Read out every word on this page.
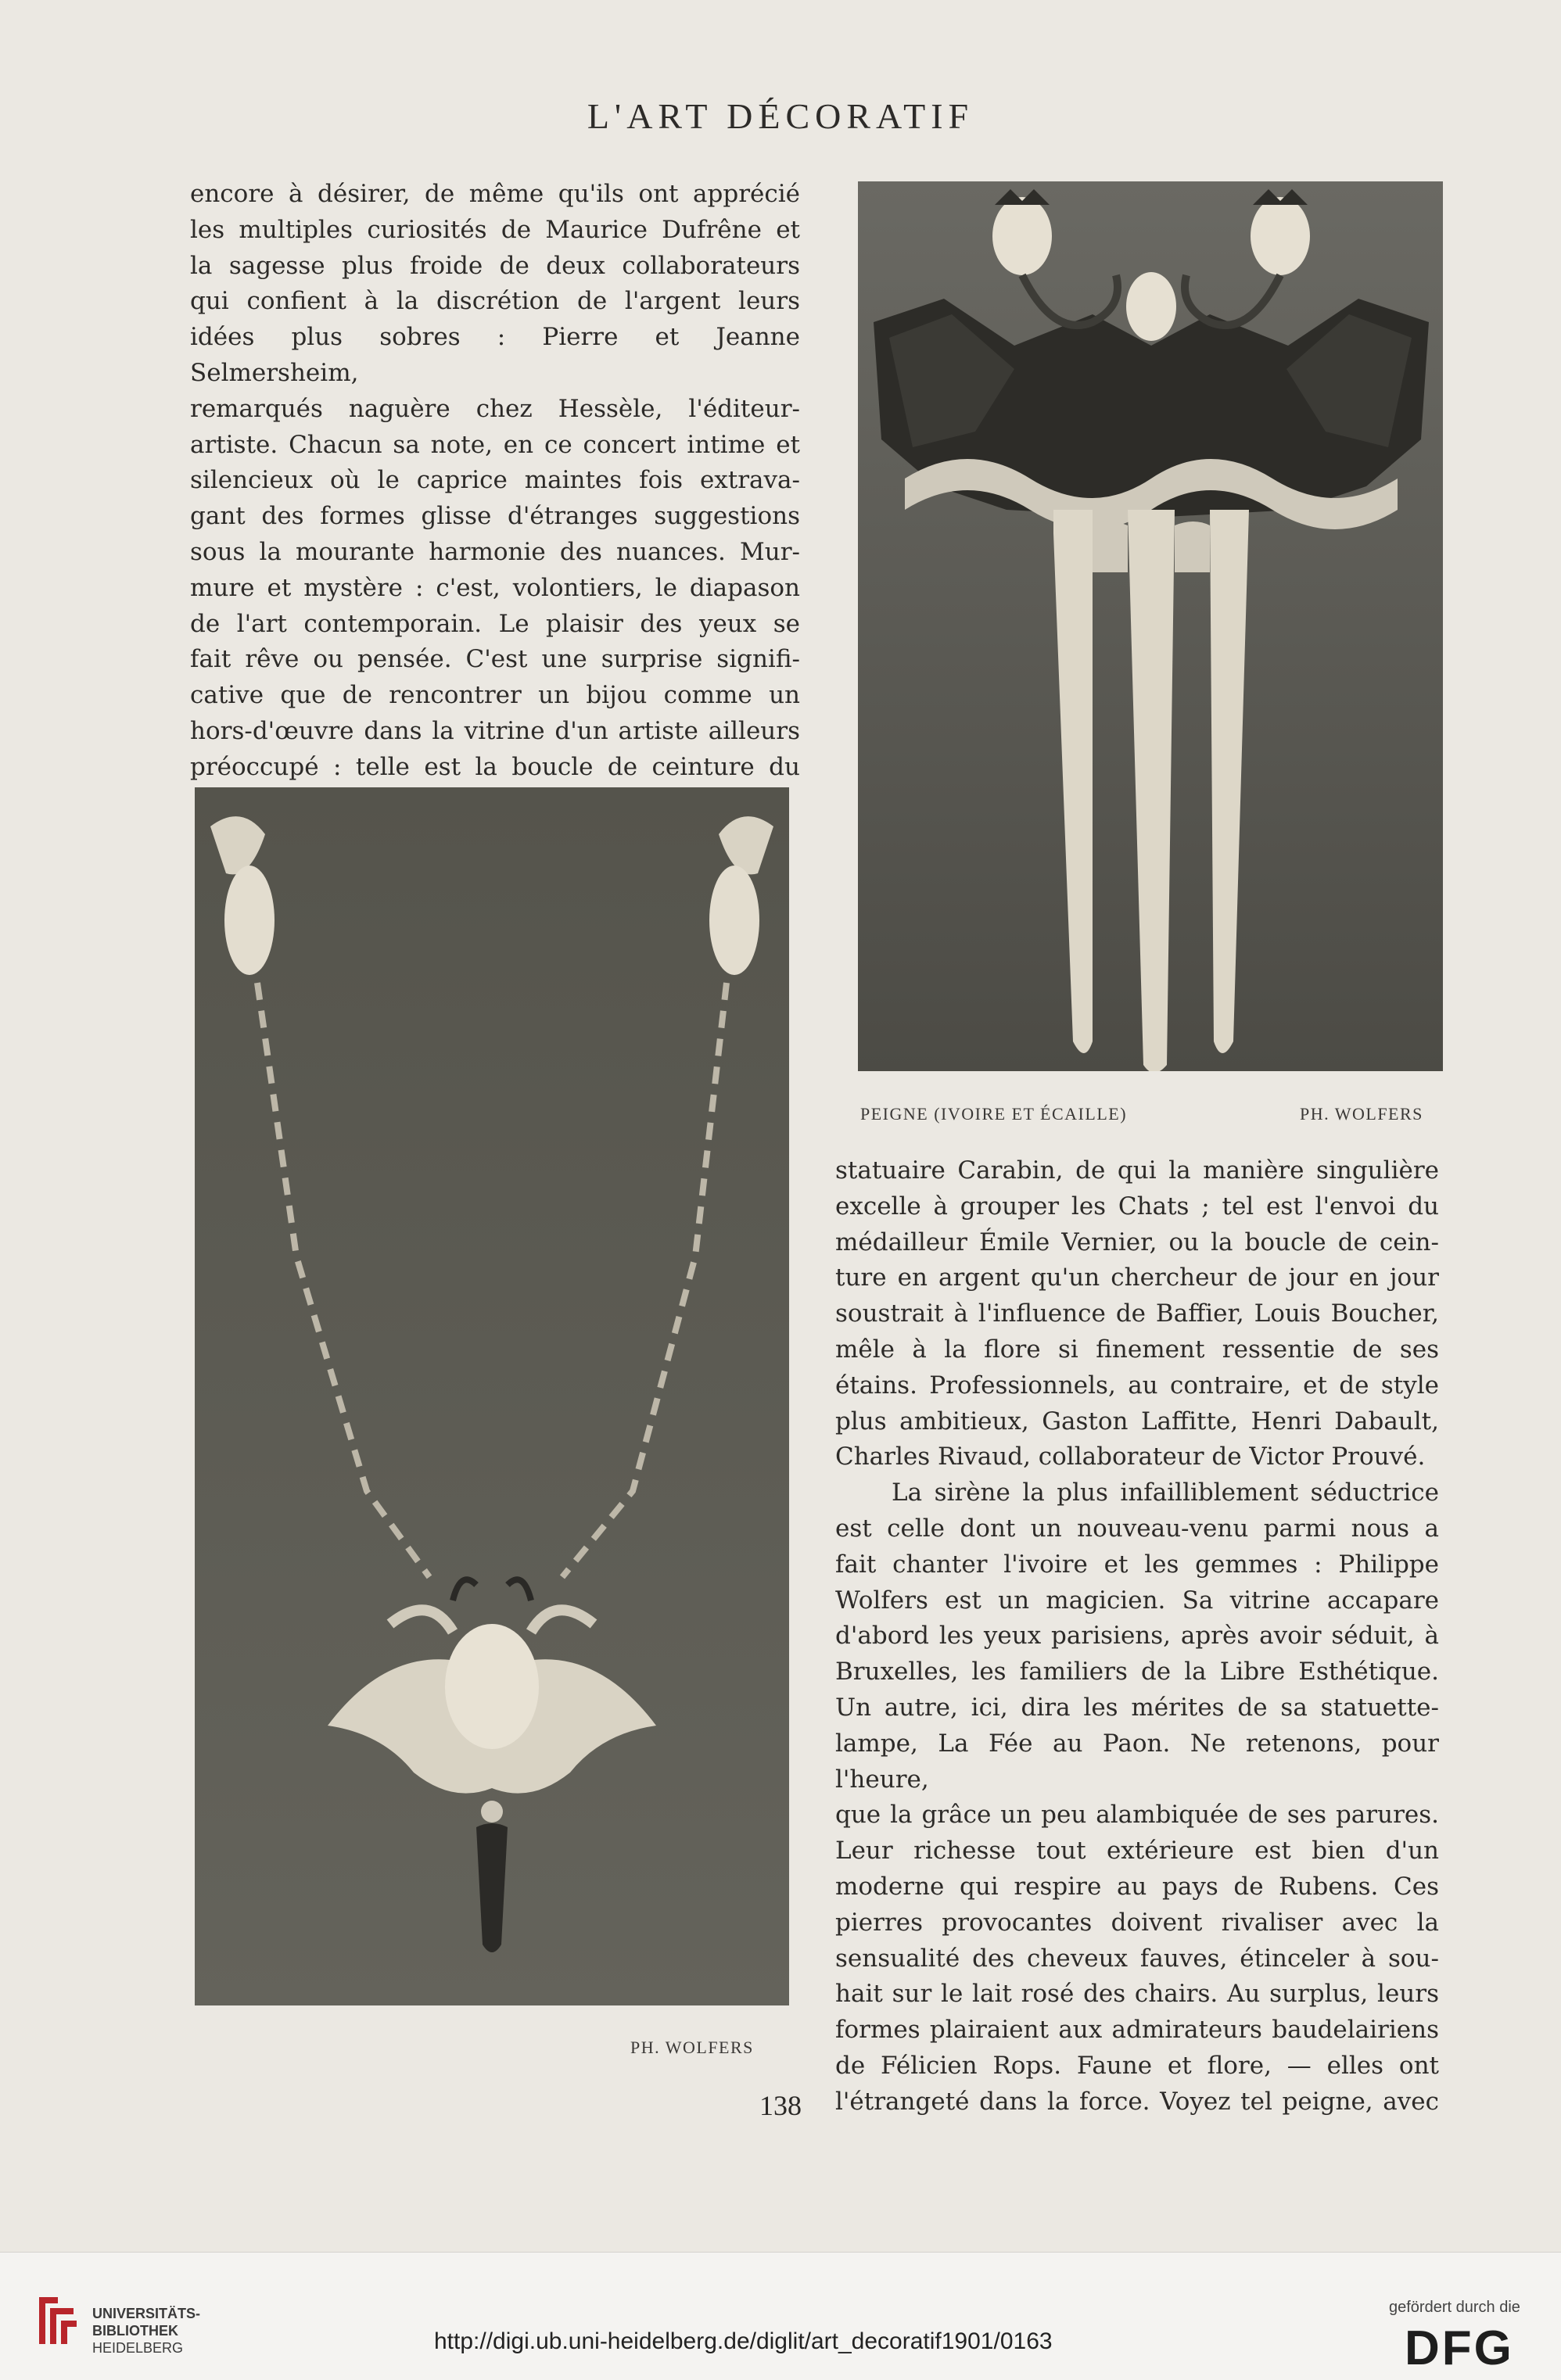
L'ART DÉCORATIF

encore à désirer, de même qu'ils ont apprécié

les multiples curiosités de Maurice Dufrêne et

la sagesse plus froide de deux collaborateurs

qui confient à la discrétion de l'argent leurs

idées plus sobres : Pierre et Jeanne Selmersheim,

remarqués naguère chez Hessèle, l'éditeur-

artiste. Chacun sa note, en ce concert intime et

silencieux où le caprice maintes fois extrava-

gant des formes glisse d'étranges suggestions

sous la mourante harmonie des nuances. Mur-

mure et mystère : c'est, volontiers, le diapason

de l'art contemporain. Le plaisir des yeux se

fait rêve ou pensée. C'est une surprise signifi-

cative que de rencontrer un bijou comme un

hors-d'œuvre dans la vitrine d'un artiste ailleurs

préoccupé : telle est la boucle de ceinture du

PEIGNE (IVOIRE ET ÉCAILLE)	PH. WOLFERS
PH. WOLFERS

statuaire Carabin, de qui la manière singulière

excelle à grouper les Chats ; tel est l'envoi du

médailleur Émile Vernier, ou la boucle de cein-

ture en argent qu'un chercheur de jour en jour

soustrait à l'influence de Baffier, Louis Boucher,

mêle à la flore si finement ressentie de ses

étains. Professionnels, au contraire, et de style

plus ambitieux, Gaston Laffitte, Henri Dabault,

Charles Rivaud, collaborateur de Victor Prouvé.

La sirène la plus infailliblement séductrice

est celle dont un nouveau-venu parmi nous a

fait chanter l'ivoire et les gemmes : Philippe

Wolfers est un magicien. Sa vitrine accapare

d'abord les yeux parisiens, après avoir séduit, à

Bruxelles, les familiers de la Libre Esthétique.

Un autre, ici, dira les mérites de sa statuette-

lampe, La Fée au Paon. Ne retenons, pour l'heure,

que la grâce un peu alambiquée de ses parures.

Leur richesse tout extérieure est bien d'un

moderne qui respire au pays de Rubens. Ces

pierres provocantes doivent rivaliser avec la

sensualité des cheveux fauves, étinceler à sou-

hait sur le lait rosé des chairs. Au surplus, leurs

formes plairaient aux admirateurs baudelairiens

de Félicien Rops. Faune et flore, — elles ont

l'étrangeté dans la force. Voyez tel peigne, avec

138
UNIVERSITÄTS-
BIBLIOTHEK
HEIDELBERG	http://digi.ub.uni-heidelberg.de/diglit/art_decoratif1901/0163
gefördert durch die
DFG
